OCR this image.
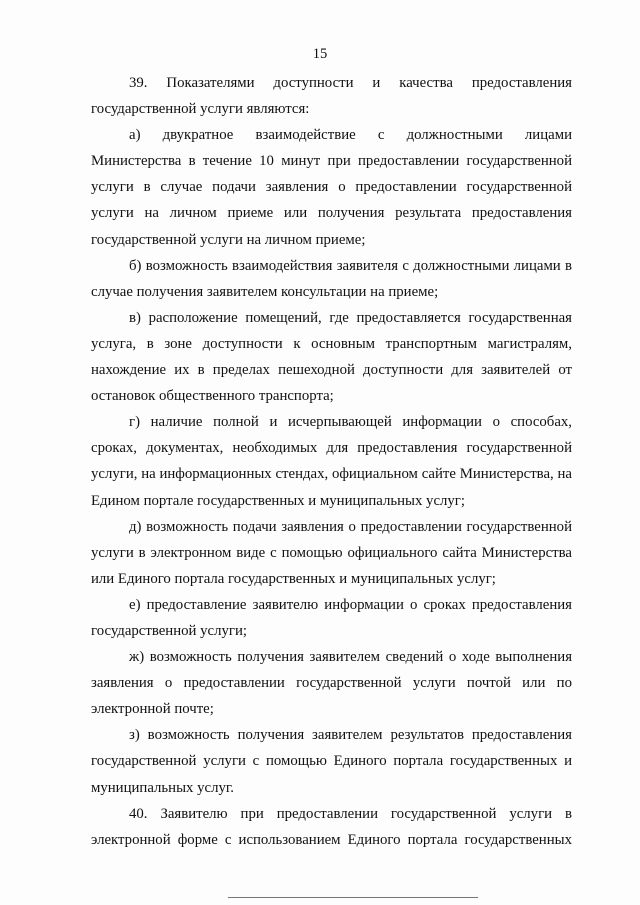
15

39. Показателями доступности и качества предоставления государственной услуги являются:

а) двукратное взаимодействие с должностными лицами Министерства в течение 10 минут при предоставлении государственной услуги в случае подачи заявления о предоставлении государственной услуги на личном приеме или получения результата предоставления государственной услуги на личном приеме;

б) возможность взаимодействия заявителя с должностными лицами в случае получения заявителем консультации на приеме;

в) расположение помещений, где предоставляется государственная услуга, в зоне доступности к основным транспортным магистралям, нахождение их в пределах пешеходной доступности для заявителей от остановок общественного транспорта;

г) наличие полной и исчерпывающей информации о способах, сроках, документах, необходимых для предоставления государственной услуги, на информационных стендах, официальном сайте Министерства, на Едином портале государственных и муниципальных услуг;

д) возможность подачи заявления о предоставлении государственной услуги в электронном виде с помощью официального сайта Министерства или Единого портала государственных и муниципальных услуг;

е) предоставление заявителю информации о сроках предоставления государственной услуги;

ж) возможность получения заявителем сведений о ходе выполнения заявления о предоставлении государственной услуги почтой или по электронной почте;

з) возможность получения заявителем результатов предоставления государственной услуги с помощью Единого портала государственных и муниципальных услуг.

40. Заявителю при предоставлении государственной услуги в электронной форме с использованием Единого портала государственных
